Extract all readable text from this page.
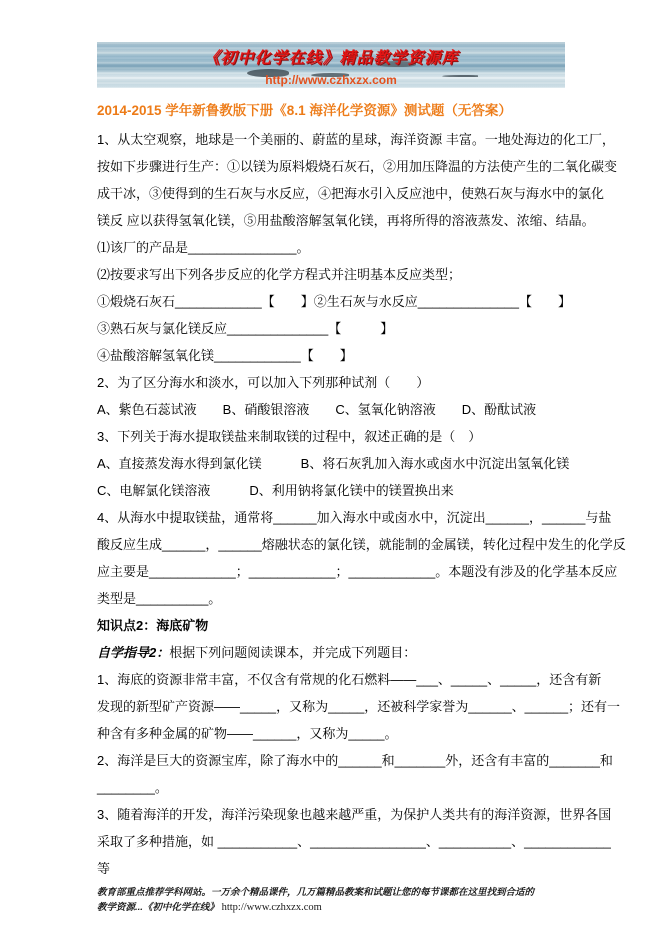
《初中化学在线》精品教学资源库
http://www.czhxzx.com
2014-2015 学年新鲁教版下册《8.1 海洋化学资源》测试题（无答案）
1、从太空观察，地球是一个美丽的、蔚蓝的星球，海洋资源 丰富。一地处海边的化工厂，
按如下步骤进行生产：①以镁为原料煅烧石灰石，②用加压降温的方法使产生的二氧化碳变
成干冰，③使得到的生石灰与水反应，④把海水引入反应池中，使熟石灰与海水中的氯化
镁反 应以获得氢氧化镁，⑤用盐酸溶解氢氧化镁，再将所得的溶液蒸发、浓缩、结晶。
⑴该厂的产品是_______________。
⑵按要求写出下列各步反应的化学方程式并注明基本反应类型；
①煅烧石灰石____________【　　】②生石灰与水反应______________【　　】
③熟石灰与氯化镁反应______________【　　　】
④盐酸溶解氢氧化镁____________【　　】
2、为了区分海水和淡水，可以加入下列那种试剂（　　）
A、紫色石蕊试液　　B、硝酸银溶液　　C、氢氧化钠溶液　　D、酚酞试液
3、下列关于海水提取镁盐来制取镁的过程中，叙述正确的是（　）
A、直接蒸发海水得到氯化镁　　　B、将石灰乳加入海水或卤水中沉淀出氢氧化镁
C、电解氯化镁溶液　　　D、利用钠将氯化镁中的镁置换出来
4、从海水中提取镁盐，通常将______加入海水中或卤水中，沉淀出______，______与盐
酸反应生成______，______熔融状态的氯化镁，就能制的金属镁，转化过程中发生的化学反
应主要是____________；____________；____________。本题没有涉及的化学基本反应
类型是__________。
知识点2：海底矿物
自学指导2：根据下列问题阅读课本，并完成下列题目：
1、海底的资源非常丰富，不仅含有常规的化石燃料——___、_____、_____，还含有新
发现的新型矿产资源——_____，又称为_____，还被科学家誉为______、______；还有一
种含有多种金属的矿物——______，又称为_____。
2、海洋是巨大的资源宝库，除了海水中的______和_______外，还含有丰富的_______和
________。
3、随着海洋的开发，海洋污染现象也越来越严重，为保护人类共有的海洋资源，世界各国
采取了多种措施，如 ___________、________________、__________、____________
等
教育部重点推荐学科网站。一万余个精品课件，几万篇精品教案和试题让您的每节课都在这里找到合适的
教学资源...《初中化学在线》 http://www.czhxzx.com
